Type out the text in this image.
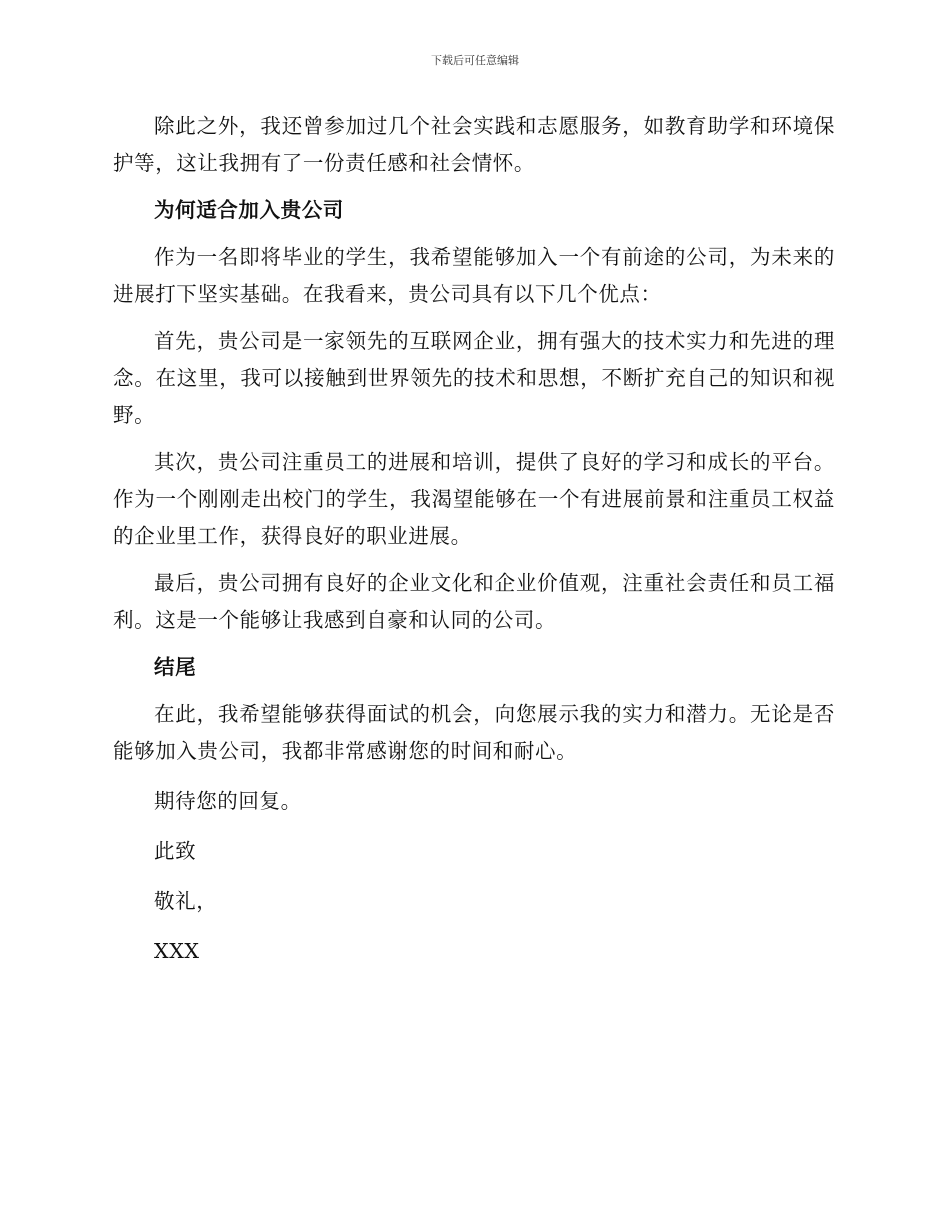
下载后可任意编辑

除此之外，我还曾参加过几个社会实践和志愿服务，如教育助学和环境保护等，这让我拥有了一份责任感和社会情怀。

为何适合加入贵公司

作为一名即将毕业的学生，我希望能够加入一个有前途的公司，为未来的进展打下坚实基础。在我看来，贵公司具有以下几个优点：

首先，贵公司是一家领先的互联网企业，拥有强大的技术实力和先进的理念。在这里，我可以接触到世界领先的技术和思想，不断扩充自己的知识和视野。

其次，贵公司注重员工的进展和培训，提供了良好的学习和成长的平台。作为一个刚刚走出校门的学生，我渴望能够在一个有进展前景和注重员工权益的企业里工作，获得良好的职业进展。

最后，贵公司拥有良好的企业文化和企业价值观，注重社会责任和员工福利。这是一个能够让我感到自豪和认同的公司。

结尾

在此，我希望能够获得面试的机会，向您展示我的实力和潜力。无论是否能够加入贵公司，我都非常感谢您的时间和耐心。

期待您的回复。

此致

敬礼，

XXX
